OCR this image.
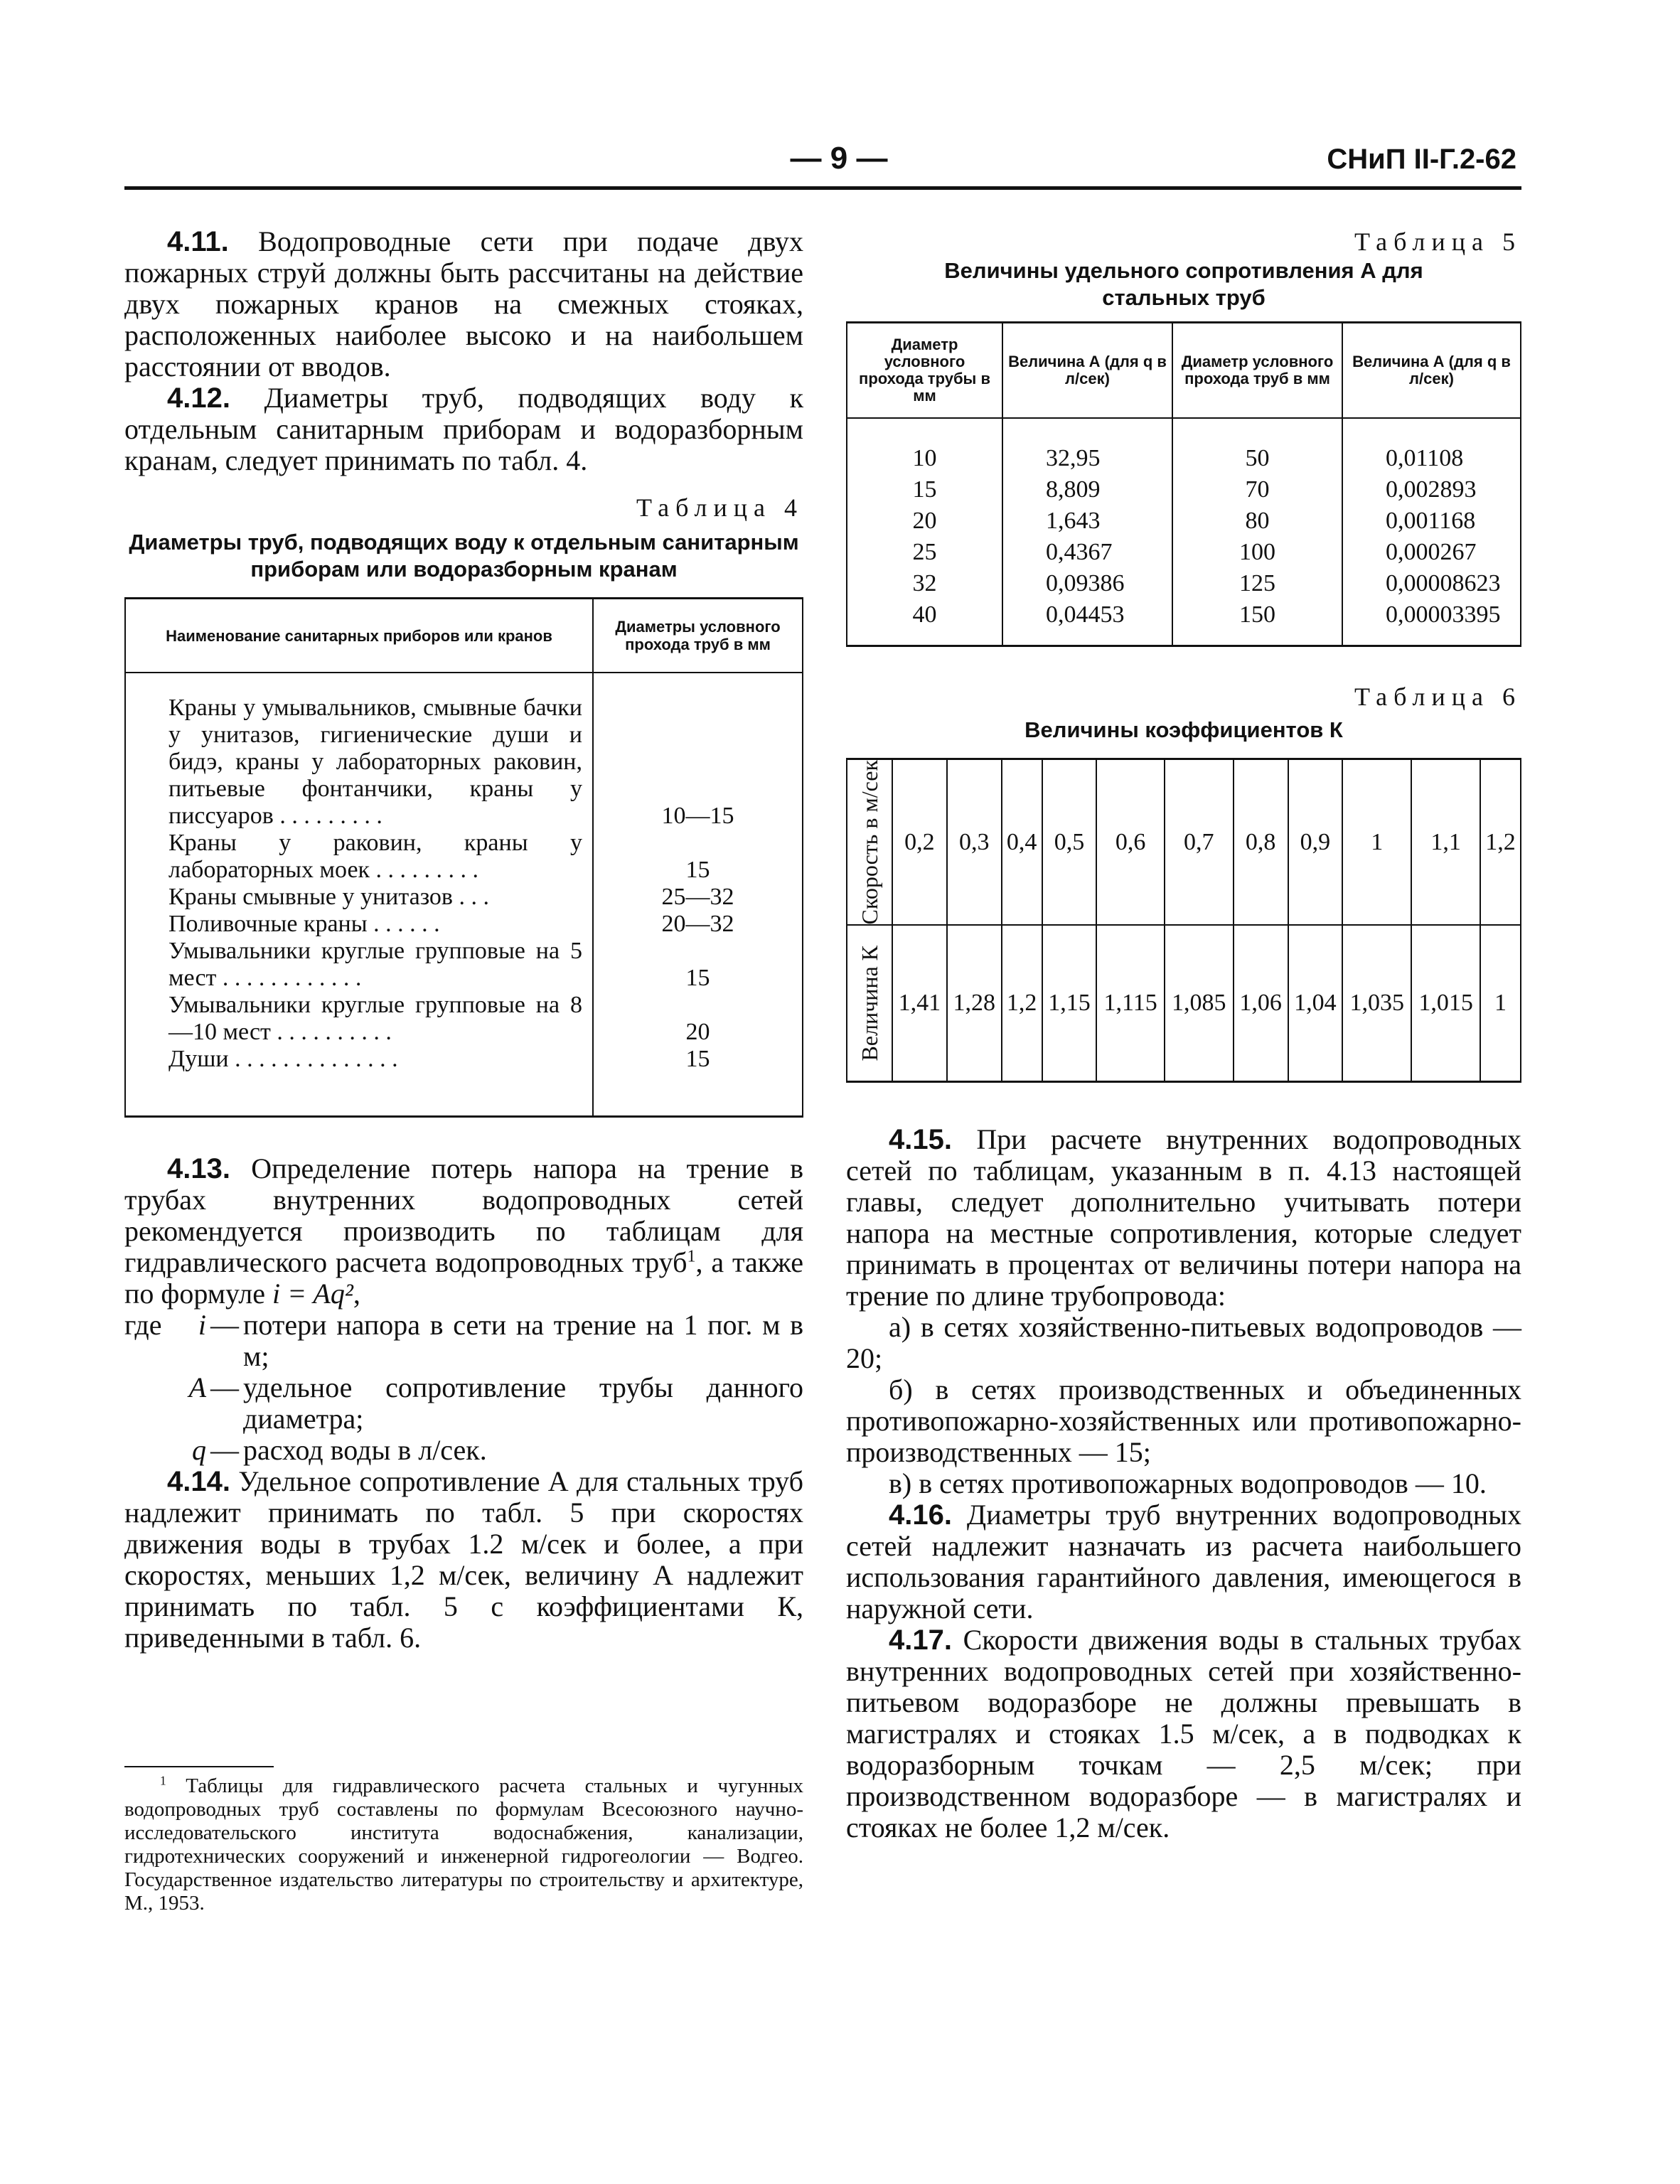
— 9 —	СНиП II-Г.2-62

4.11. Водопроводные сети при подаче двух пожарных струй должны быть рассчитаны на действие двух пожарных кранов на смежных стояках, расположенных наиболее высоко и на наибольшем расстоянии от вводов.

4.12. Диаметры труб, подводящих воду к отдельным санитарным приборам и водоразборным кранам, следует принимать по табл. 4.

Таблица 4
Диаметры труб, подводящих воду к отдельным санитарным приборам или водоразборным кранам
Наименование санитарных приборов или кранов	Диаметры условного прохода труб в мм

Краны у умывальников, смывные бачки у унитазов, гигиенические души и бидэ, краны у лабораторных раковин, питьевые фонтанчики, краны у писсуаров . . . . . . . . .	10—15

Краны у раковин, краны у лабораторных моек . . . . . . . . .	15

Краны смывные у унитазов . . .	25—32

Поливочные краны . . . . . .	20—32

Умывальники круглые групповые на 5 мест . . . . . . . . . . . .	15

Умывальники круглые групповые на 8—10 мест . . . . . . . . . .	20

Души . . . . . . . . . . . . . .	15

4.13. Определение потерь напора на трение в трубах внутренних водопроводных сетей рекомендуется производить по таблицам для гидравлического расчета водопроводных труб$^1$, а также по формуле i = Aq²,

где	i — потери напора в сети на трение на 1 пог. м в м;
A — удельное сопротивление трубы данного диаметра;
q — расход воды в л/сек.

4.14. Удельное сопротивление А для стальных труб надлежит принимать по табл. 5 при скоростях движения воды в трубах 1.2 м/сек и более, а при скоростях, меньших 1,2 м/сек, величину А надлежит принимать по табл. 5 с коэффициентами К, приведенными в табл. 6.

$^1$ Таблицы для гидравлического расчета стальных и чугунных водопроводных труб составлены по формулам Всесоюзного научно-исследовательского института водоснабжения, канализации, гидротехнических сооружений и инженерной гидрогеологии — Водгео. Государственное издательство литературы по строительству и архитектуре, М., 1953.
Таблица 5
Величины удельного сопротивления А для стальных труб
Диаметр условного прохода трубы в мм	Величина А (для q в л/сек)	Диаметр условного прохода труб в мм	Величина А (для q в л/сек)
10	32,95	50	0,01108
15	8,809	70	0,002893
20	1,643	80	0,001168
25	0,4367	100	0,000267
32	0,09386	125	0,00008623
40	0,04453	150	0,00003395
Таблица 6
Величины коэффициентов К
Скорость в м/сек	0,2	0,3	0,4	0,5	0,6	0,7	0,8	0,9	1	1,1	1,2

Величина К	1,41	1,28	1,2	1,15	1,115	1,085	1,06	1,04	1,035	1,015	1

4.15. При расчете внутренних водопроводных сетей по таблицам, указанным в п. 4.13 настоящей главы, следует дополнительно учитывать потери напора на местные сопротивления, которые следует принимать в процентах от величины потери напора на трение по длине трубопровода:

а) в сетях хозяйственно-питьевых водопроводов — 20;

б) в сетях производственных и объединенных противопожарно-хозяйственных или противопожарно-производственных — 15;

в) в сетях противопожарных водопроводов — 10.

4.16. Диаметры труб внутренних водопроводных сетей надлежит назначать из расчета наибольшего использования гарантийного давления, имеющегося в наружной сети.

4.17. Скорости движения воды в стальных трубах внутренних водопроводных сетей при хозяйственно-питьевом водоразборе не должны превышать в магистралях и стояках 1.5 м/сек, а в подводках к водоразборным точкам — 2,5 м/сек; при производственном водоразборе — в магистралях и стояках не более 1,2 м/сек.
